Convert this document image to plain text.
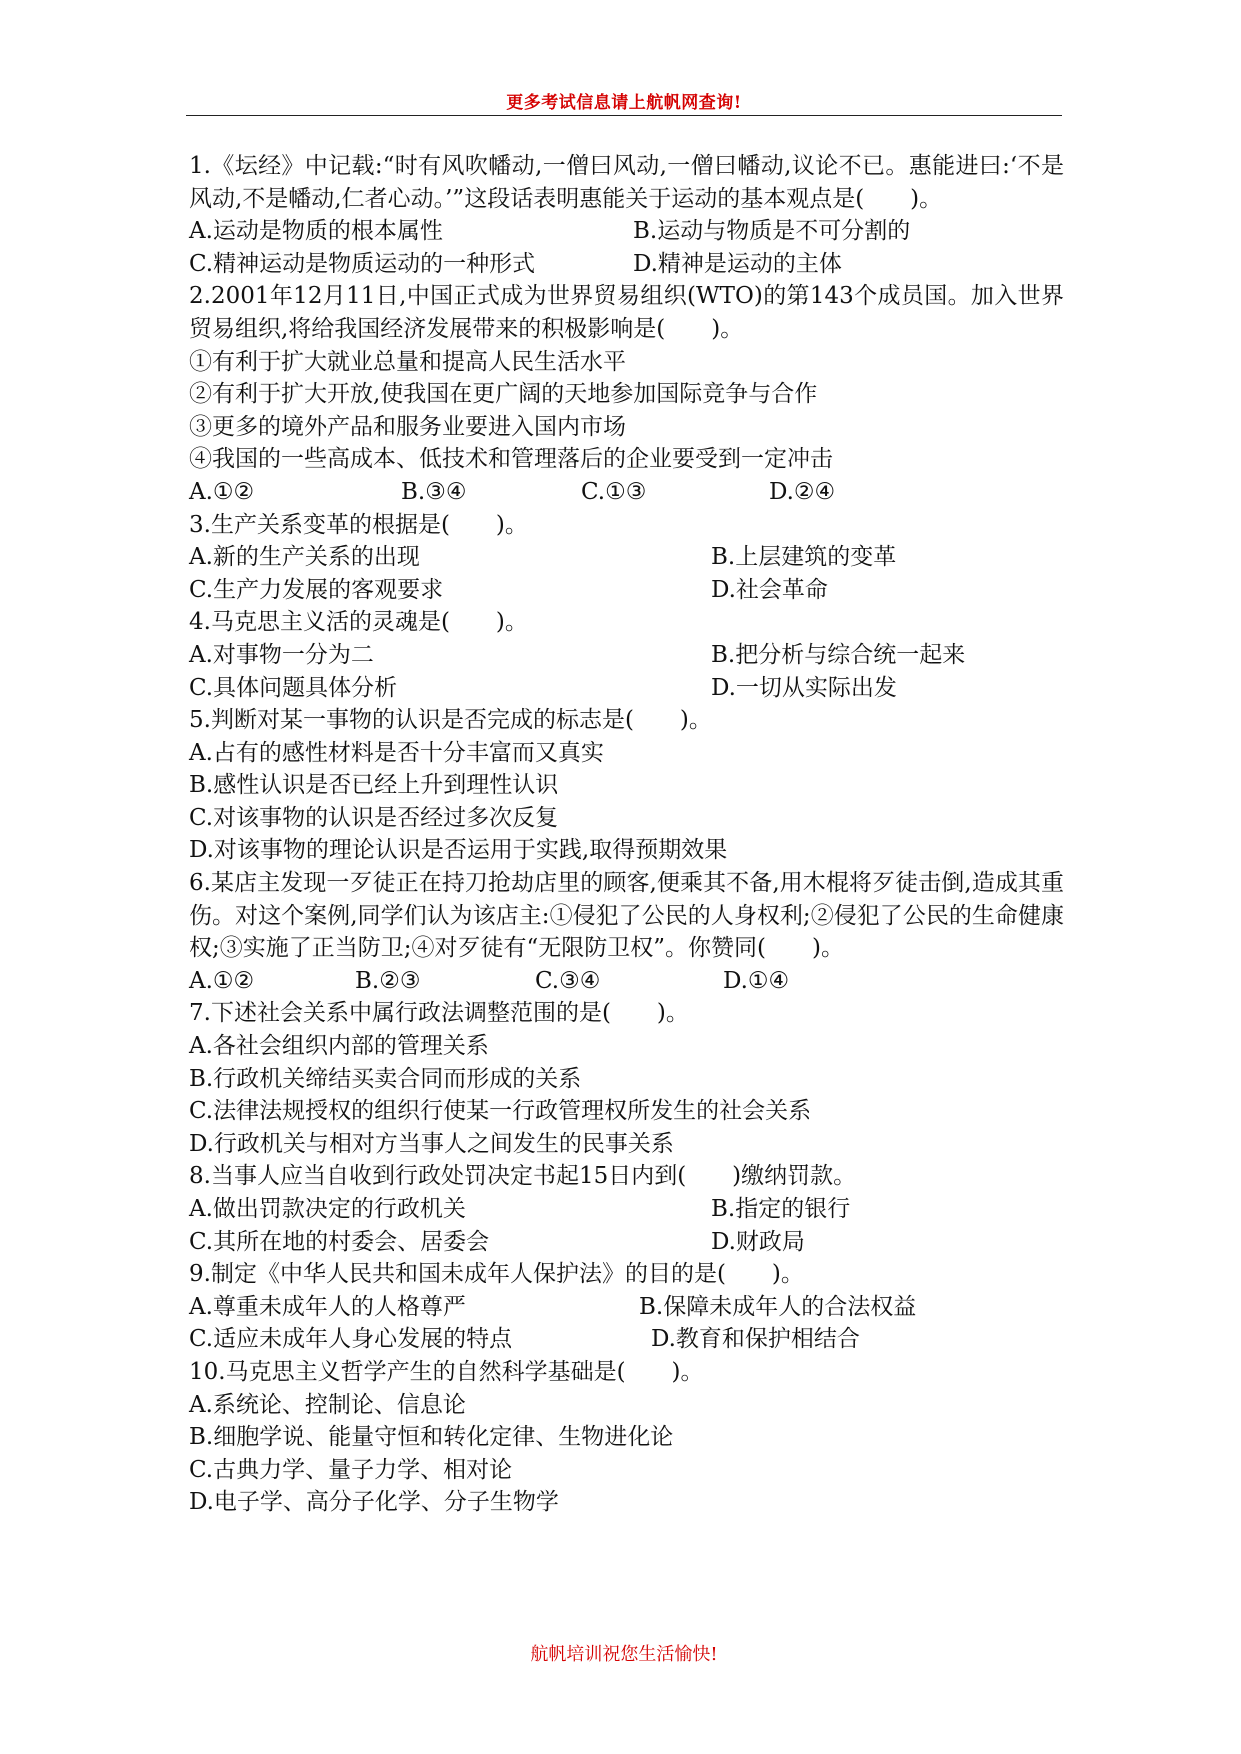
更多考试信息请上航帆网查询!
1.《坛经》中记载:“时有风吹幡动,一僧曰风动,一僧曰幡动,议论不已。惠能进曰:‘不是风动,不是幡动,仁者心动。’”这段话表明惠能关于运动的基本观点是(　　)。
A.运动是物质的根本属性	B.运动与物质是不可分割的
C.精神运动是物质运动的一种形式	D.精神是运动的主体
2.2001年12月11日,中国正式成为世界贸易组织(WTO)的第143个成员国。加入世界贸易组织,将给我国经济发展带来的积极影响是(　　)。
①有利于扩大就业总量和提高人民生活水平
②有利于扩大开放,使我国在更广阔的天地参加国际竞争与合作
③更多的境外产品和服务业要进入国内市场
④我国的一些高成本、低技术和管理落后的企业要受到一定冲击
A.①②	B.③④	C.①③	D.②④
3.生产关系变革的根据是(　　)。
A.新的生产关系的出现	B.上层建筑的变革
C.生产力发展的客观要求	D.社会革命
4.马克思主义活的灵魂是(　　)。
A.对事物一分为二	B.把分析与综合统一起来
C.具体问题具体分析	D.一切从实际出发
5.判断对某一事物的认识是否完成的标志是(　　)。
A.占有的感性材料是否十分丰富而又真实
B.感性认识是否已经上升到理性认识
C.对该事物的认识是否经过多次反复
D.对该事物的理论认识是否运用于实践,取得预期效果
6.某店主发现一歹徒正在持刀抢劫店里的顾客,便乘其不备,用木棍将歹徒击倒,造成其重伤。对这个案例,同学们认为该店主:①侵犯了公民的人身权利;②侵犯了公民的生命健康权;③实施了正当防卫;④对歹徒有“无限防卫权”。你赞同(　　)。
A.①②	B.②③	C.③④	D.①④
7.下述社会关系中属行政法调整范围的是(　　)。
A.各社会组织内部的管理关系
B.行政机关缔结买卖合同而形成的关系
C.法律法规授权的组织行使某一行政管理权所发生的社会关系
D.行政机关与相对方当事人之间发生的民事关系
8.当事人应当自收到行政处罚决定书起15日内到(　　)缴纳罚款。
A.做出罚款决定的行政机关	B.指定的银行
C.其所在地的村委会、居委会	D.财政局
9.制定《中华人民共和国未成年人保护法》的目的是(　　)。
A.尊重未成年人的人格尊严	B.保障未成年人的合法权益
C.适应未成年人身心发展的特点	D.教育和保护相结合
10.马克思主义哲学产生的自然科学基础是(　　)。
A.系统论、控制论、信息论
B.细胞学说、能量守恒和转化定律、生物进化论
C.古典力学、量子力学、相对论
D.电子学、高分子化学、分子生物学
航帆培训祝您生活愉快!
